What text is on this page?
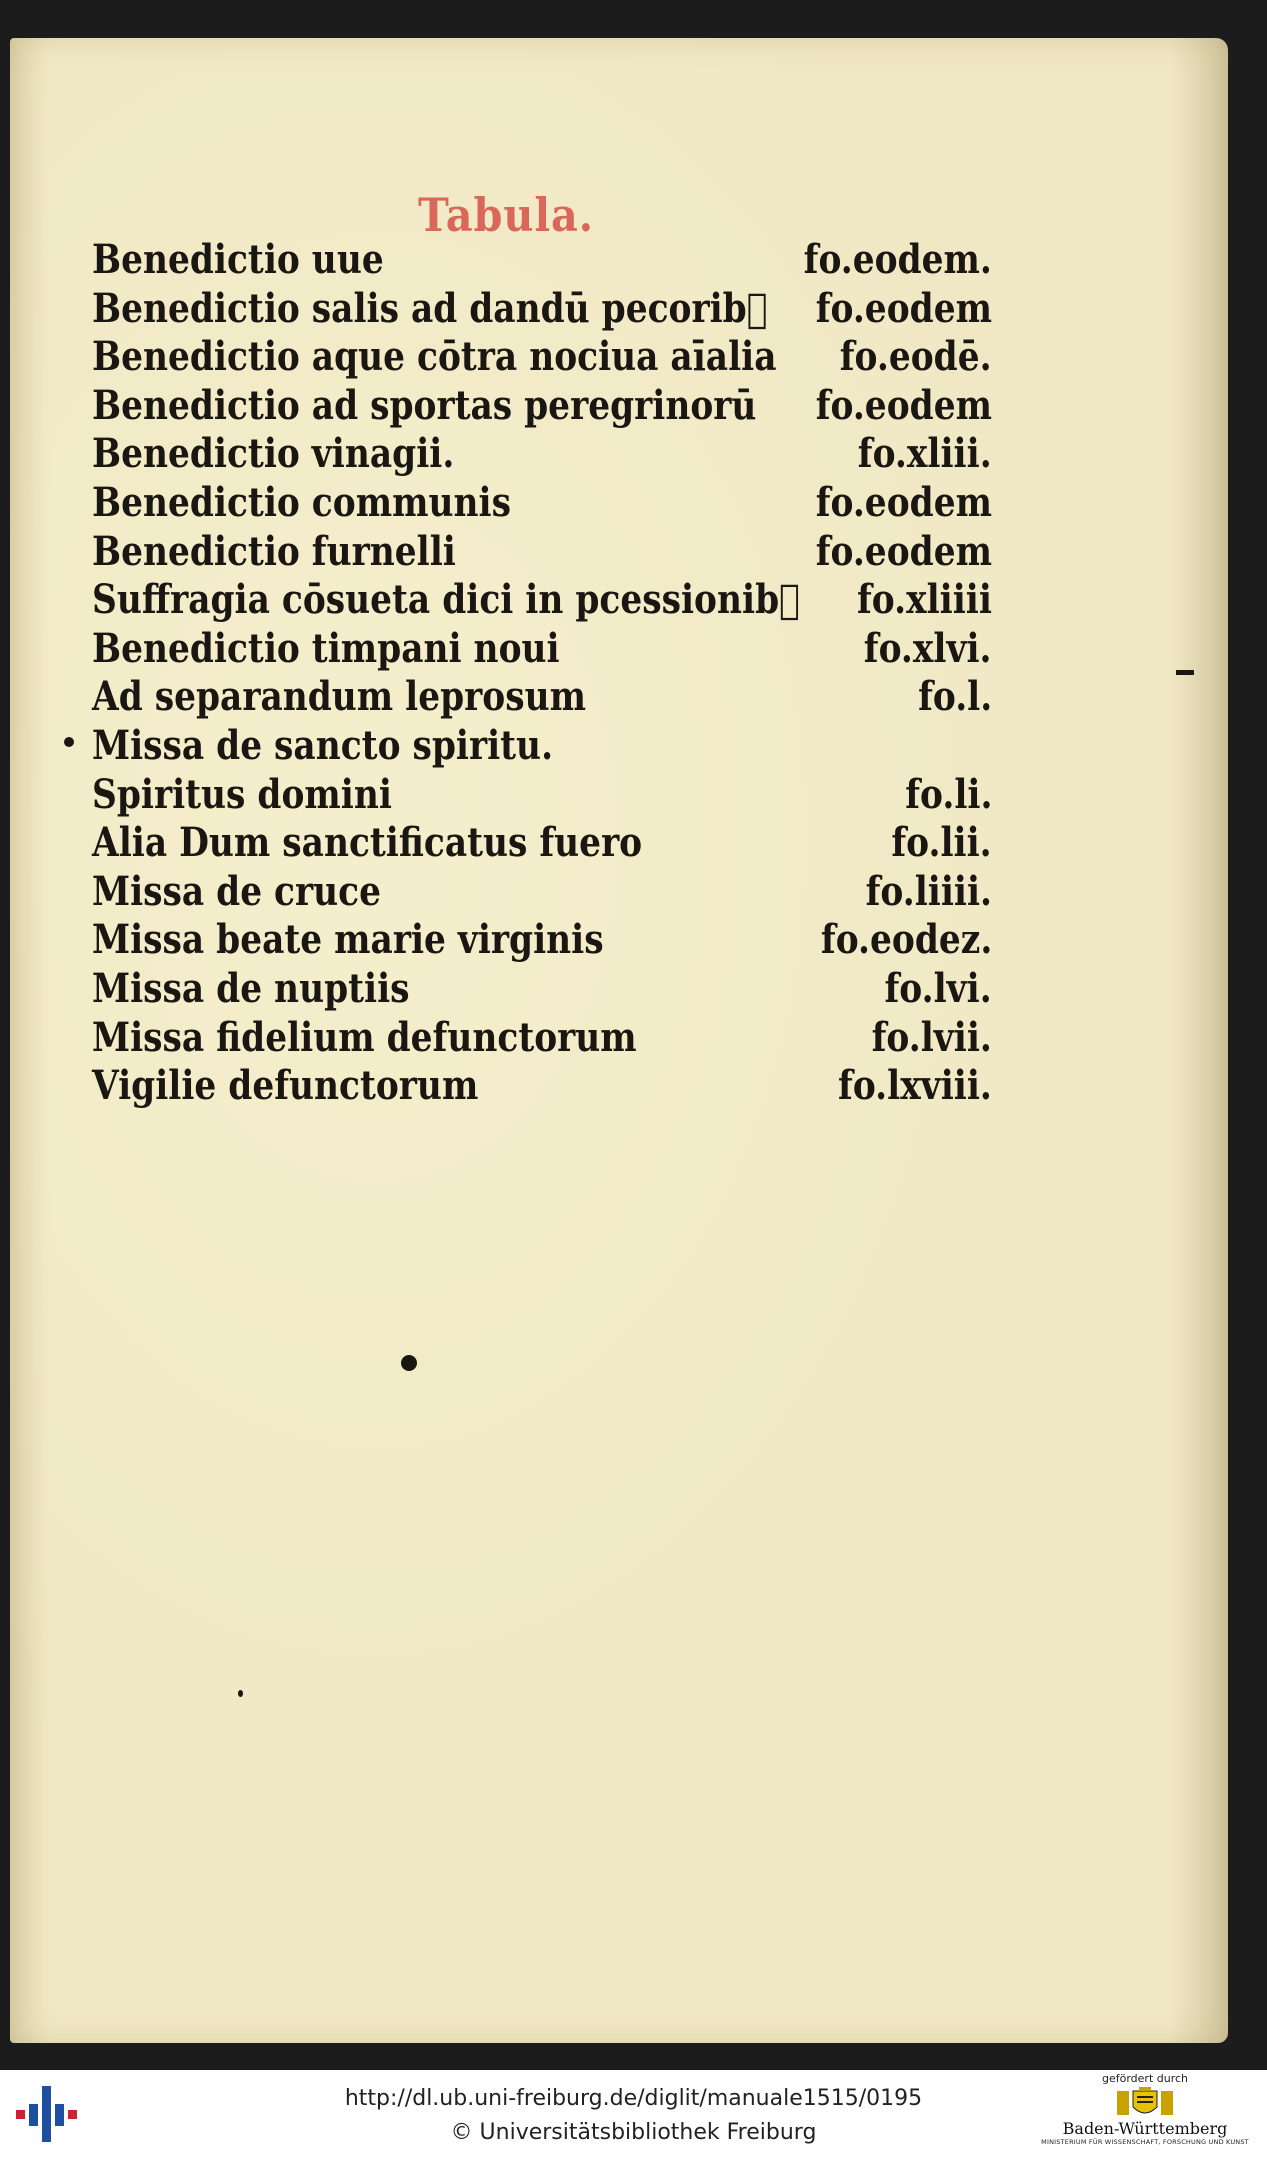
Tabula.
Benedictio uue	fo.eodem.
Benedictio salis ad dandū pecorib᷒ fo.eodem
Benedictio aque cōtra nociua aīalia fo.eodē.
Benedictio ad sportas peregrinorū fo.eodem
Benedictio vinagii.	fo.xliii.
Benedictio communis	fo.eodem
Benedictio furnelli	fo.eodem
Suffragia cōsueta dici in pcessionib᷒ fo.xliiii
Benedictio timpani noui	fo.xlvi.
Ad separandum leprosum	fo.l.
Missa de sancto spiritu.
Spiritus domini	fo.li.
Alia Dum sanctificatus fuero	fo.lii.
Missa de cruce	fo.liiii.
Missa beate marie virginis	fo.eodez.
Missa de nuptiis	fo.lvi.
Missa fidelium defunctorum	fo.lvii.
Vigilie defunctorum	fo.lxviii.
http://dl.ub.uni-freiburg.de/diglit/manuale1515/0195
© Universitätsbibliothek Freiburg
gefördert durch
Baden-Württemberg
MINISTERIUM FÜR WISSENSCHAFT, FORSCHUNG UND KUNST
